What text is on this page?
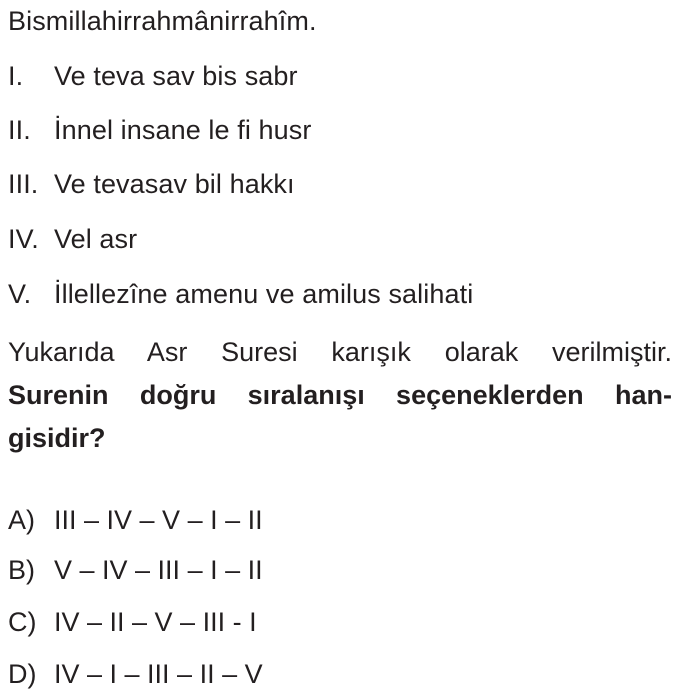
Bismillahirrahmânirrahîm.
I. Ve teva sav bis sabr
II. İnnel insane le fi husr
III. Ve tevasav bil hakkı
IV. Vel asr
V. İllellezîne amenu ve amilus salihati
Yukarıda Asr Suresi karışık olarak verilmiştir.
Surenin doğru sıralanışı seçeneklerden han-
gisidir?
A) III – IV – V – I – II
B) V – IV – III – I – II
C) IV – II – V – III - I
D) IV – I – III – II – V
